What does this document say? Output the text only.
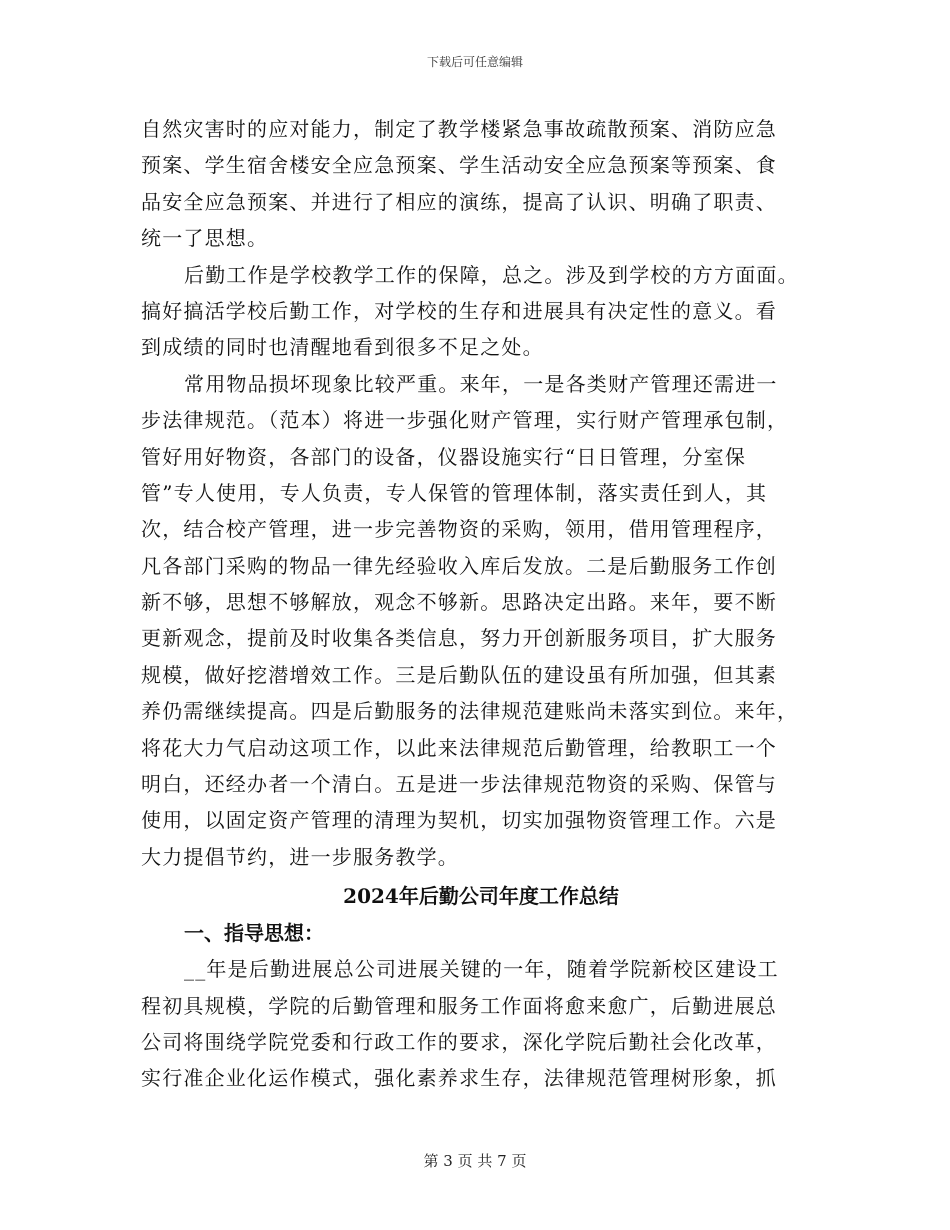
下载后可任意编辑
自然灾害时的应对能力，制定了教学楼紧急事故疏散预案、消防应急
预案、学生宿舍楼安全应急预案、学生活动安全应急预案等预案、食
品安全应急预案、并进行了相应的演练，提高了认识、明确了职责、
统一了思想。
后勤工作是学校教学工作的保障，总之。涉及到学校的方方面面。
搞好搞活学校后勤工作，对学校的生存和进展具有决定性的意义。看
到成绩的同时也清醒地看到很多不足之处。
常用物品损坏现象比较严重。来年，一是各类财产管理还需进一
步法律规范。（范本）将进一步强化财产管理，实行财产管理承包制，
管好用好物资，各部门的设备，仪器设施实行“日日管理，分室保
管”专人使用，专人负责，专人保管的管理体制，落实责任到人，其
次，结合校产管理，进一步完善物资的采购，领用，借用管理程序，
凡各部门采购的物品一律先经验收入库后发放。二是后勤服务工作创
新不够，思想不够解放，观念不够新。思路决定出路。来年，要不断
更新观念，提前及时收集各类信息，努力开创新服务项目，扩大服务
规模，做好挖潜增效工作。三是后勤队伍的建设虽有所加强，但其素
养仍需继续提高。四是后勤服务的法律规范建账尚未落实到位。来年，
将花大力气启动这项工作，以此来法律规范后勤管理，给教职工一个
明白，还经办者一个清白。五是进一步法律规范物资的采购、保管与
使用，以固定资产管理的清理为契机，切实加强物资管理工作。六是
大力提倡节约，进一步服务教学。
2024年后勤公司年度工作总结
一、指导思想：
__年是后勤进展总公司进展关键的一年，随着学院新校区建设工
程初具规模，学院的后勤管理和服务工作面将愈来愈广，后勤进展总
公司将围绕学院党委和行政工作的要求，深化学院后勤社会化改革，
实行准企业化运作模式，强化素养求生存，法律规范管理树形象，抓
第 3 页 共 7 页
